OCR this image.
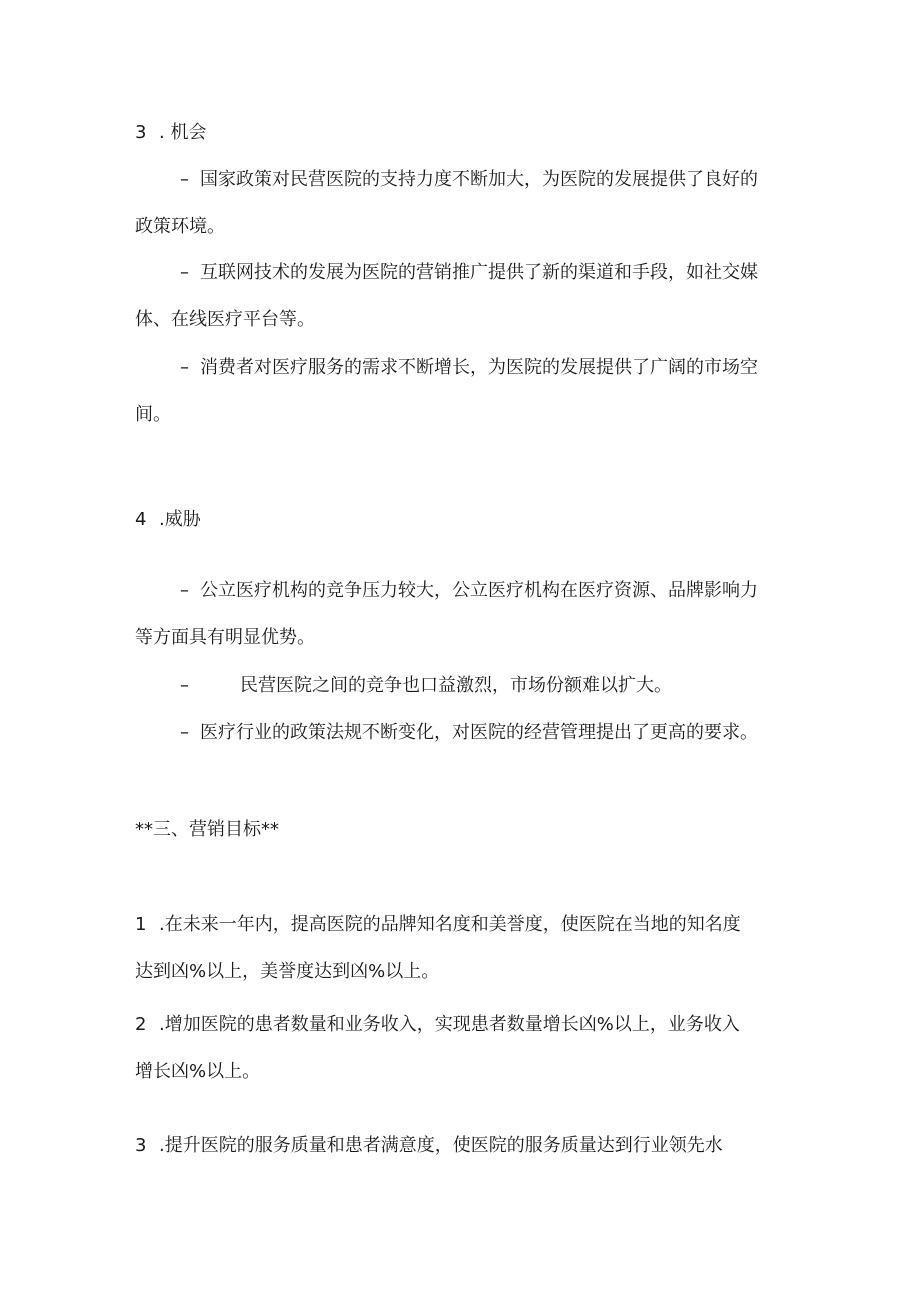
3 . 机会
– 国家政策对民营医院的支持力度不断加大，为医院的发展提供了良好的
政策环境。
– 互联网技术的发展为医院的营销推广提供了新的渠道和手段，如社交媒
体、在线医疗平台等。
– 消费者对医疗服务的需求不断增长，为医院的发展提供了广阔的市场空
间。
4 .威胁
– 公立医疗机构的竞争压力较大，公立医疗机构在医疗资源、品牌影响力
等方面具有明显优势。
–	民营医院之间的竞争也口益激烈，市场份额难以扩大。
– 医疗行业的政策法规不断变化，对医院的经营管理提出了更高的要求。
**三、营销目标**
1 .在未来一年内，提高医院的品牌知名度和美誉度，使医院在当地的知名度
达到凶%以上，美誉度达到凶%以上。
2 .增加医院的患者数量和业务收入，实现患者数量增长凶%以上，业务收入
增长凶%以上。
3 .提升医院的服务质量和患者满意度，使医院的服务质量达到行业领先水
